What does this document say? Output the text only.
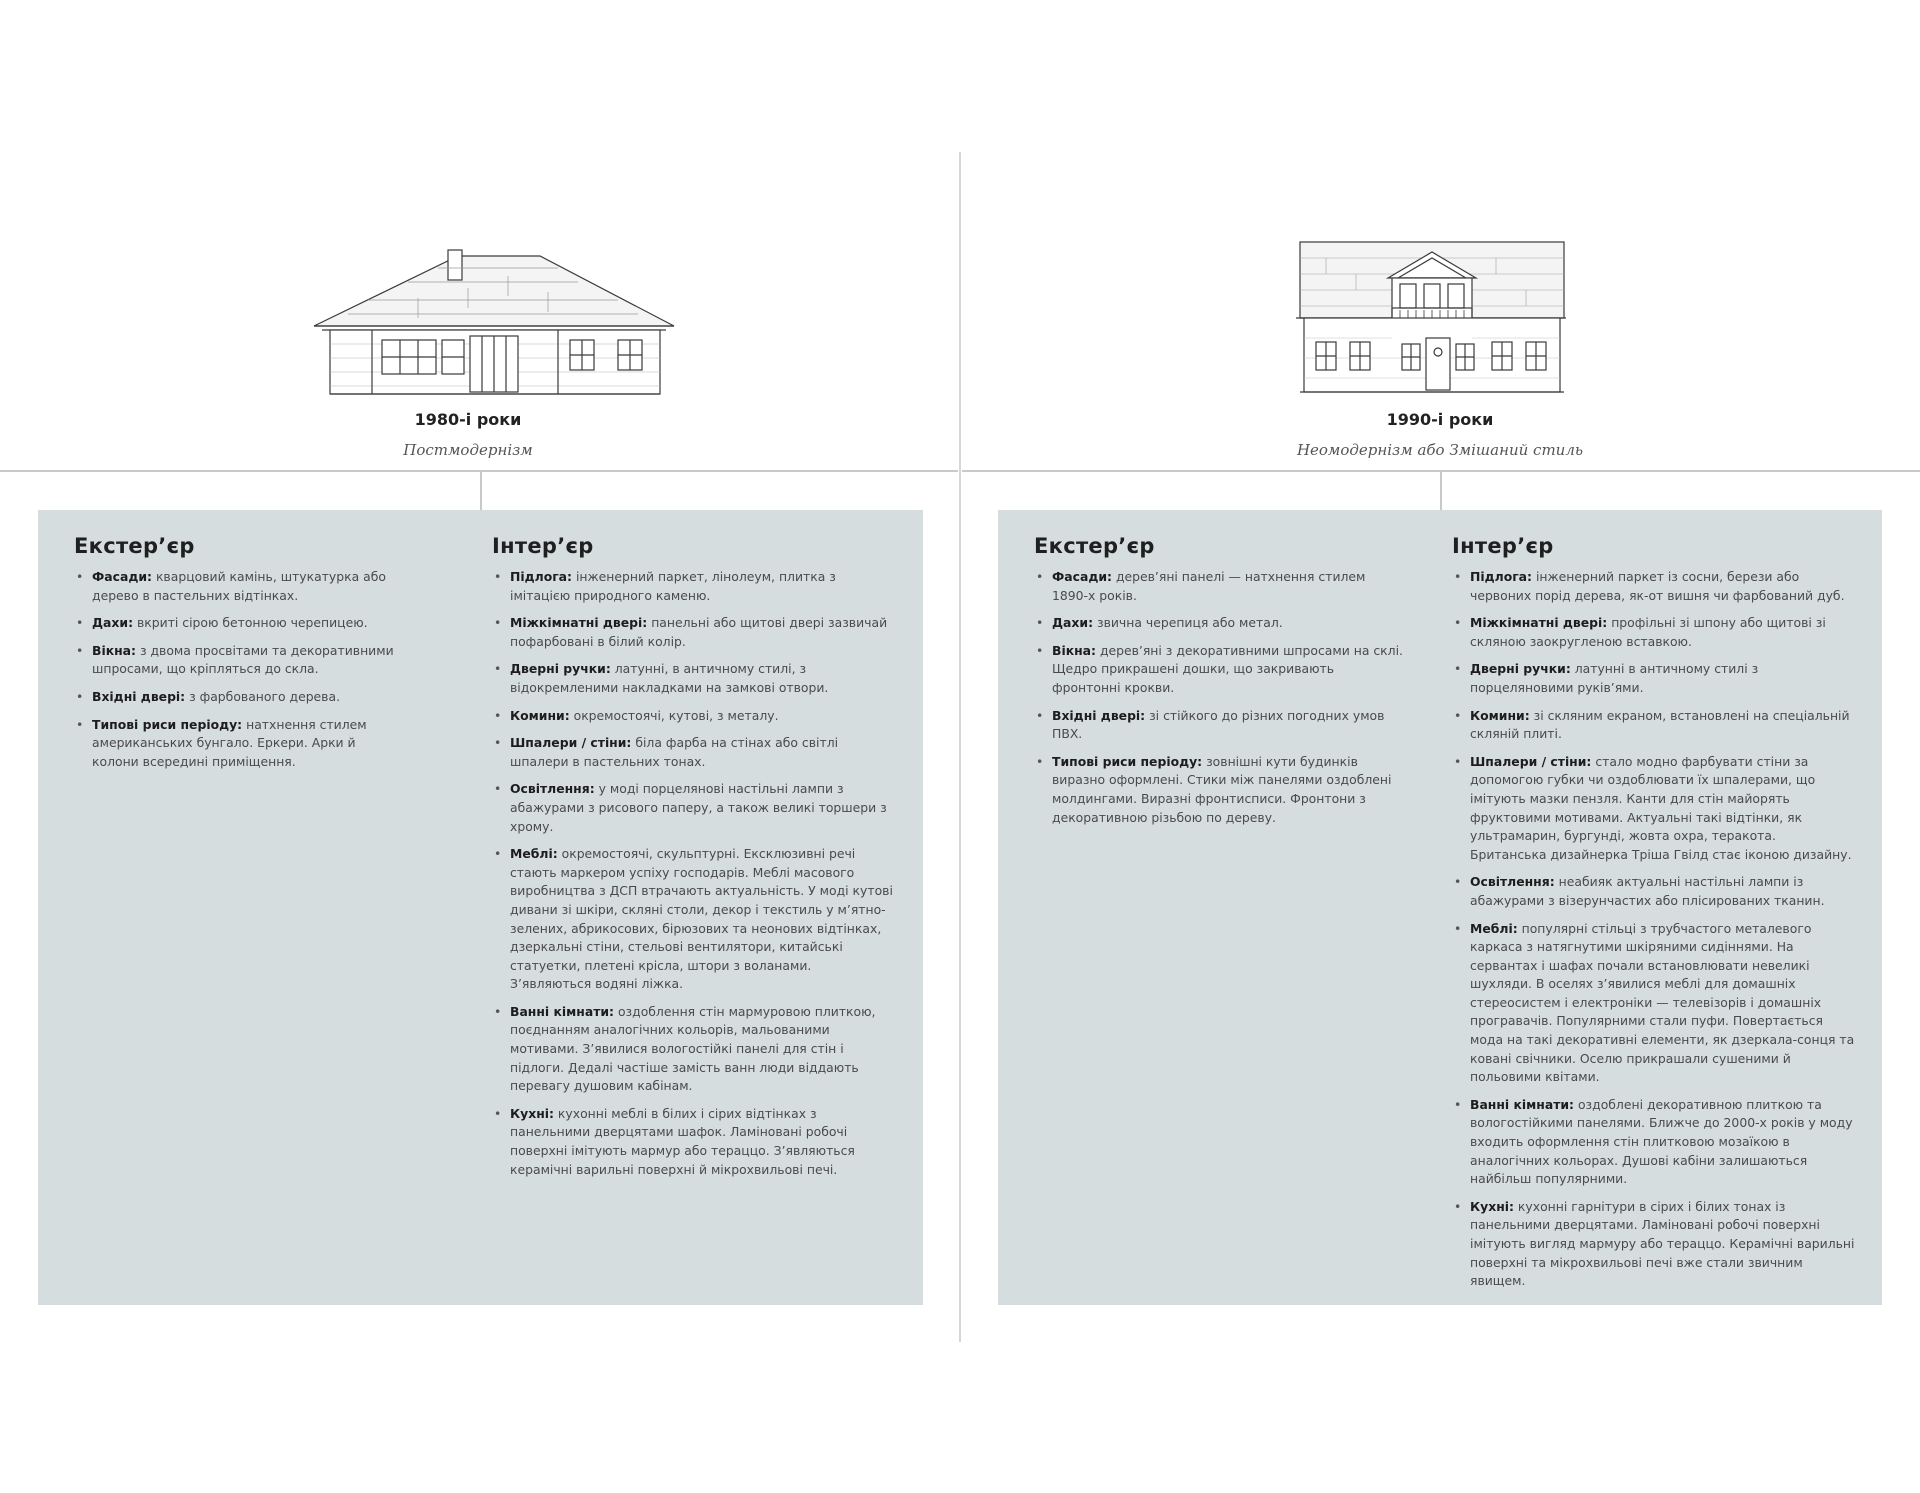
1980-і роки
Постмодернізм
1990-і роки
Неомодернізм або Змішаний стиль
Екстер’єр
• Фасади: кварцовий камінь, штукатурка або дерево в пастельних відтінках.
• Дахи: вкриті сірою бетонною черепицею.
• Вікна: з двома просвітами та декоративними шпросами, що кріпляться до скла.
• Вхідні двері: з фарбованого дерева.
• Типові риси періоду: натхнення стилем американських бунгало. Еркери. Арки й колони всередині приміщення.
Інтер’єр
• Підлога: інженерний паркет, лінолеум, плитка з імітацією природного каменю.
• Міжкімнатні двері: панельні або щитові двері зазвичай пофарбовані в білий колір.
• Дверні ручки: латунні, в античному стилі, з відокремленими накладками на замкові отвори.
• Комини: окремостоячі, кутові, з металу.
• Шпалери / стіни: біла фарба на стінах або світлі шпалери в пастельних тонах.
• Освітлення: у моді порцелянові настільні лампи з абажурами з рисового паперу, а також великі торшери з хрому.
• Меблі: окремостоячі, скульптурні. Ексклюзивні речі стають маркером успіху господарів. Меблі масового виробництва з ДСП втрачають актуальність. У моді кутові дивани зі шкіри, скляні столи, декор і текстиль у м’ятно-зелених, абрикосових, бірюзових та неонових відтінках, дзеркальні стіни, стельові вентилятори, китайські статуетки, плетені крісла, штори з воланами. З’являються водяні ліжка.
• Ванні кімнати: оздоблення стін мармуровою плиткою, поєднанням аналогічних кольорів, мальованими мотивами. З’явилися вологостійкі панелі для стін і підлоги. Дедалі частіше замість ванн люди віддають перевагу душовим кабінам.
• Кухні: кухонні меблі в білих і сірих відтінках з панельними дверцятами шафок. Ламіновані робочі поверхні імітують мармур або тераццо. З’являються керамічні варильні поверхні й мікрохвильові печі.
Екстер’єр
• Фасади: дерев’яні панелі — натхнення стилем 1890-х років.
• Дахи: звична черепиця або метал.
• Вікна: дерев’яні з декоративними шпросами на склі. Щедро прикрашені дошки, що закривають фронтонні крокви.
• Вхідні двері: зі стійкого до різних погодних умов ПВХ.
• Типові риси періоду: зовнішні кути будинків виразно оформлені. Стики між панелями оздоблені молдингами. Виразні фронтисписи. Фронтони з декоративною різьбою по дереву.
Інтер’єр
• Підлога: інженерний паркет із сосни, берези або червоних порід дерева, як-от вишня чи фарбований дуб.
• Міжкімнатні двері: профільні зі шпону або щитові зі скляною заокругленою вставкою.
• Дверні ручки: латунні в античному стилі з порцеляновими руків’ями.
• Комини: зі скляним екраном, встановлені на спеціальній скляній плиті.
• Шпалери / стіни: стало модно фарбувати стіни за допомогою губки чи оздоблювати їх шпалерами, що імітують мазки пензля. Канти для стін майорять фруктовими мотивами. Актуальні такі відтінки, як ультрамарин, бургунді, жовта охра, теракота. Британська дизайнерка Тріша Гвілд стає іконою дизайну.
• Освітлення: неабияк актуальні настільні лампи із абажурами з візерунчастих або плісированих тканин.
• Меблі: популярні стільці з трубчастого металевого каркаса з натягнутими шкіряними сидіннями. На сервантах і шафах почали встановлювати невеликі шухляди. В оселях з’явилися меблі для домашніх стереосистем і електроніки — телевізорів і домашніх програвачів. Популярними стали пуфи. Повертається мода на такі декоративні елементи, як дзеркала-сонця та ковані свічники. Оселю прикрашали сушеними й польовими квітами.
• Ванні кімнати: оздоблені декоративною плиткою та вологостійкими панелями. Ближче до 2000-х років у моду входить оформлення стін плитковою мозаїкою в аналогічних кольорах. Душові кабіни залишаються найбільш популярними.
• Кухні: кухонні гарнітури в сірих і білих тонах із панельними дверцятами. Ламіновані робочі поверхні імітують вигляд мармуру або тераццо. Керамічні варильні поверхні та мікрохвильові печі вже стали звичним явищем.
